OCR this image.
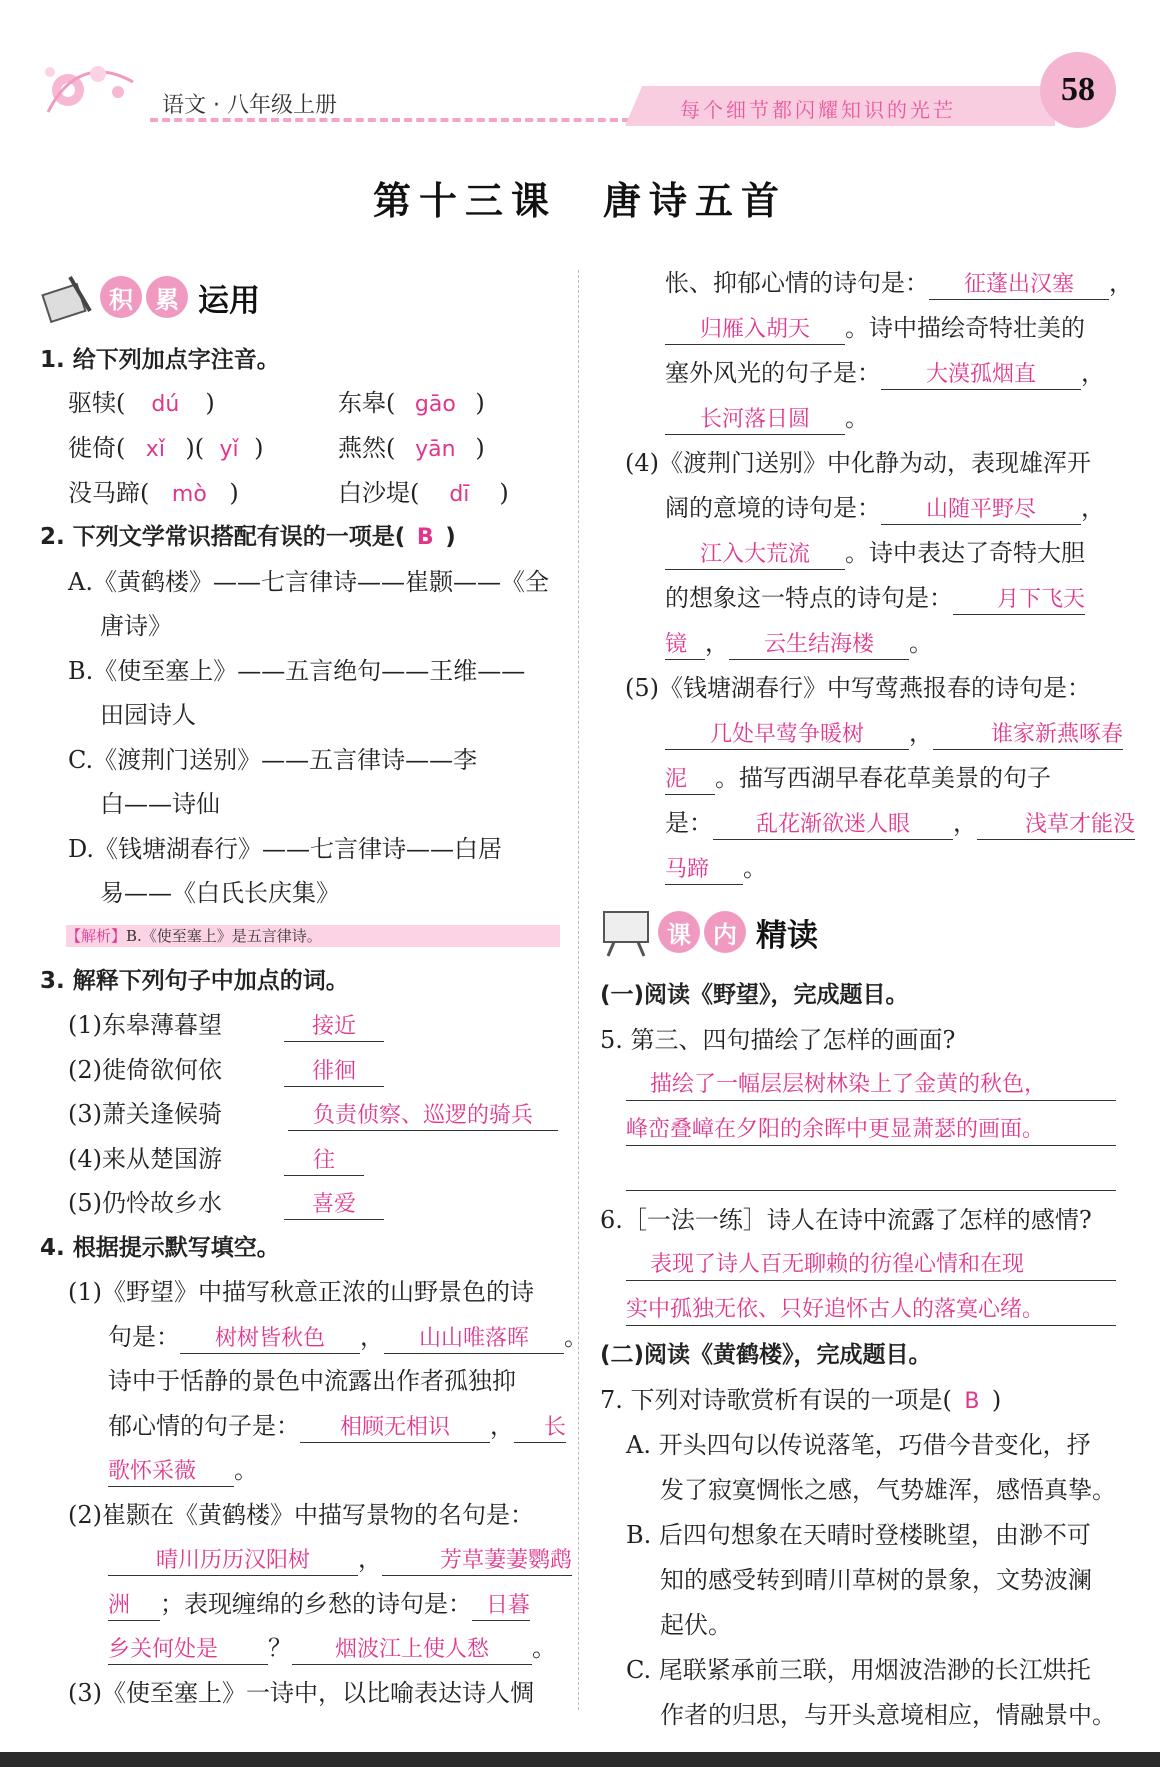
语文 · 八年级上册	每个细节都闪耀知识的光芒
58
第十三课　唐诗五首
积 累 运用
1. 给下列加点字注音。
驱犊( dú )	东皋( gāo )
徙倚( xǐ )( yǐ )	燕然( yān )
没马蹄( mò )	白沙堤( dī )
2. 下列文学常识搭配有误的一项是( B )
A.《黄鹤楼》——七言律诗——崔颢——《全
唐诗》
B.《使至塞上》——五言绝句——王维——
田园诗人
C.《渡荆门送别》——五言律诗——李
白——诗仙
D.《钱塘湖春行》——七言律诗——白居
易——《白氏长庆集》
【解析】B.《使至塞上》是五言律诗。
3. 解释下列句子中加点的词。
(1)东皋薄暮望	接近
(2)徙倚欲何依	徘徊
(3)萧关逢候骑	负责侦察、巡逻的骑兵
(4)来从楚国游	往
(5)仍怜故乡水	喜爱
4. 根据提示默写填空。
(1)《野望》中描写秋意正浓的山野景色的诗
句是： 树树皆秋色 ， 山山唯落晖 。
诗中于恬静的景色中流露出作者孤独抑
郁心情的句子是： 相顾无相识 ， 长
歌怀采薇 。
(2)崔颢在《黄鹤楼》中描写景物的名句是：
晴川历历汉阳树 ，	芳草萋萋鹦鹉
洲 ；表现缠绵的乡愁的诗句是： 日暮
乡关何处是 ？ 烟波江上使人愁 。
(3)《使至塞上》一诗中，以比喻表达诗人惆
怅、抑郁心情的诗句是： 征蓬出汉塞 ，
归雁入胡天 。诗中描绘奇特壮美的
塞外风光的句子是： 大漠孤烟直 ，
长河落日圆 。
(4)《渡荆门送别》中化静为动，表现雄浑开
阔的意境的诗句是： 山随平野尽 ，
江入大荒流 。诗中表达了奇特大胆
的想象这一特点的诗句是： 月下飞天
镜 ， 云生结海楼 。
(5)《钱塘湖春行》中写莺燕报春的诗句是：
几处早莺争暖树 ，	谁家新燕啄春
泥 。描写西湖早春花草美景的句子
是： 乱花渐欲迷人眼 ， 浅草才能没
马蹄 。
课 内 精读
(一)阅读《野望》，完成题目。
5. 第三、四句描绘了怎样的画面?
描绘了一幅层层树林染上了金黄的秋色，
峰峦叠嶂在夕阳的余晖中更显萧瑟的画面。
6.［一法一练］诗人在诗中流露了怎样的感情?
表现了诗人百无聊赖的彷徨心情和在现
实中孤独无依、只好追怀古人的落寞心绪。
(二)阅读《黄鹤楼》，完成题目。
7. 下列对诗歌赏析有误的一项是( B )
A. 开头四句以传说落笔，巧借今昔变化，抒
发了寂寞惆怅之感，气势雄浑，感悟真挚。
B. 后四句想象在天晴时登楼眺望，由渺不可
知的感受转到晴川草树的景象，文势波澜
起伏。
C. 尾联紧承前三联，用烟波浩渺的长江烘托
作者的归思，与开头意境相应，情融景中。
